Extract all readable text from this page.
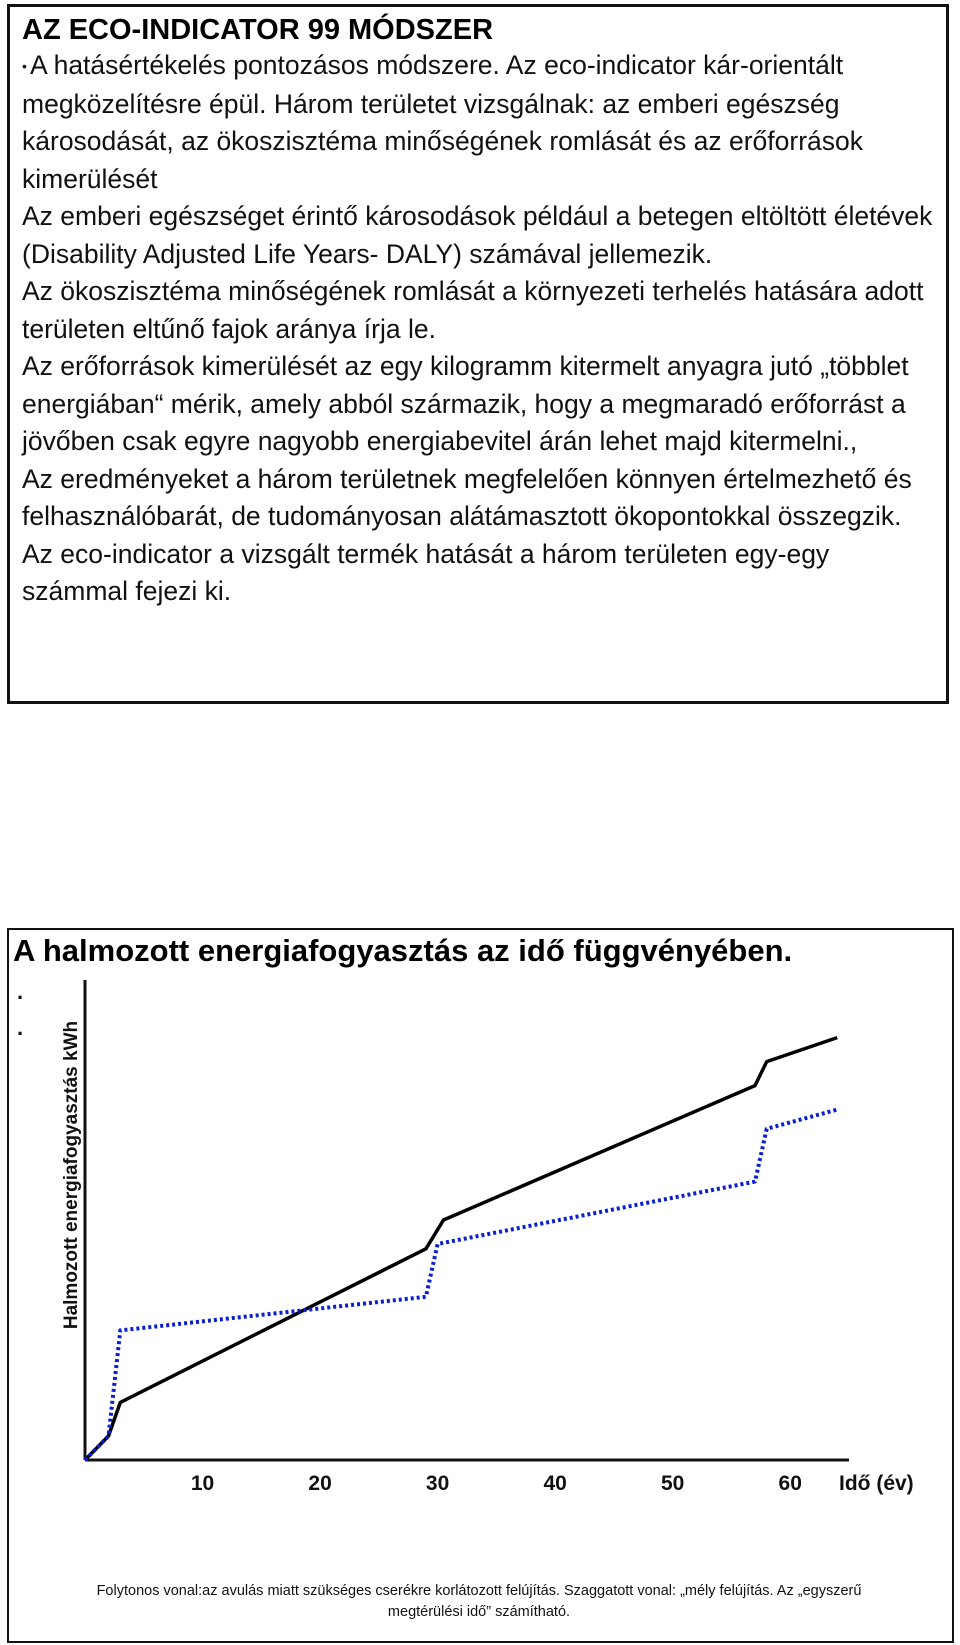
AZ ECO-INDICATOR 99 MÓDSZER

• A hatásértékelés pontozásos módszere. Az eco-indicator kár-orientált megközelítésre épül. Három területet vizsgálnak: az emberi egészség károsodását, az ökoszisztéma minőségének romlását és az erőforrások kimerülését

Az emberi egészséget érintő károsodások például a betegen eltöltött életévek (Disability Adjusted Life Years- DALY) számával jellemezik.

Az ökoszisztéma minőségének romlását a környezeti terhelés hatására adott területen eltűnő fajok aránya írja le.

Az erőforrások kimerülését az egy kilogramm kitermelt anyagra jutó „többlet energiában“ mérik, amely abból származik, hogy a megmaradó erőforrást a jövőben csak egyre nagyobb energiabevitel árán lehet majd kitermelni.,

Az eredményeket a három területnek megfelelően könnyen értelmezhető és felhasználóbarát, de tudományosan alátámasztott ökopontokkal összegzik. Az eco-indicator a vizsgált termék hatását a három területen egy-egy számmal fejezi ki.

A halmozott energiafogyasztás az idő függvényében.
.
.
10	20	30	40	50	60 Idő (év)
Halmozott energiafogyasztás kWh
Folytonos vonal:az avulás miatt szükséges cserékre korlátozott felújítás. Szaggatott vonal: „mély felújítás. Az „egyszerű
megtérülési idő” számítható.
